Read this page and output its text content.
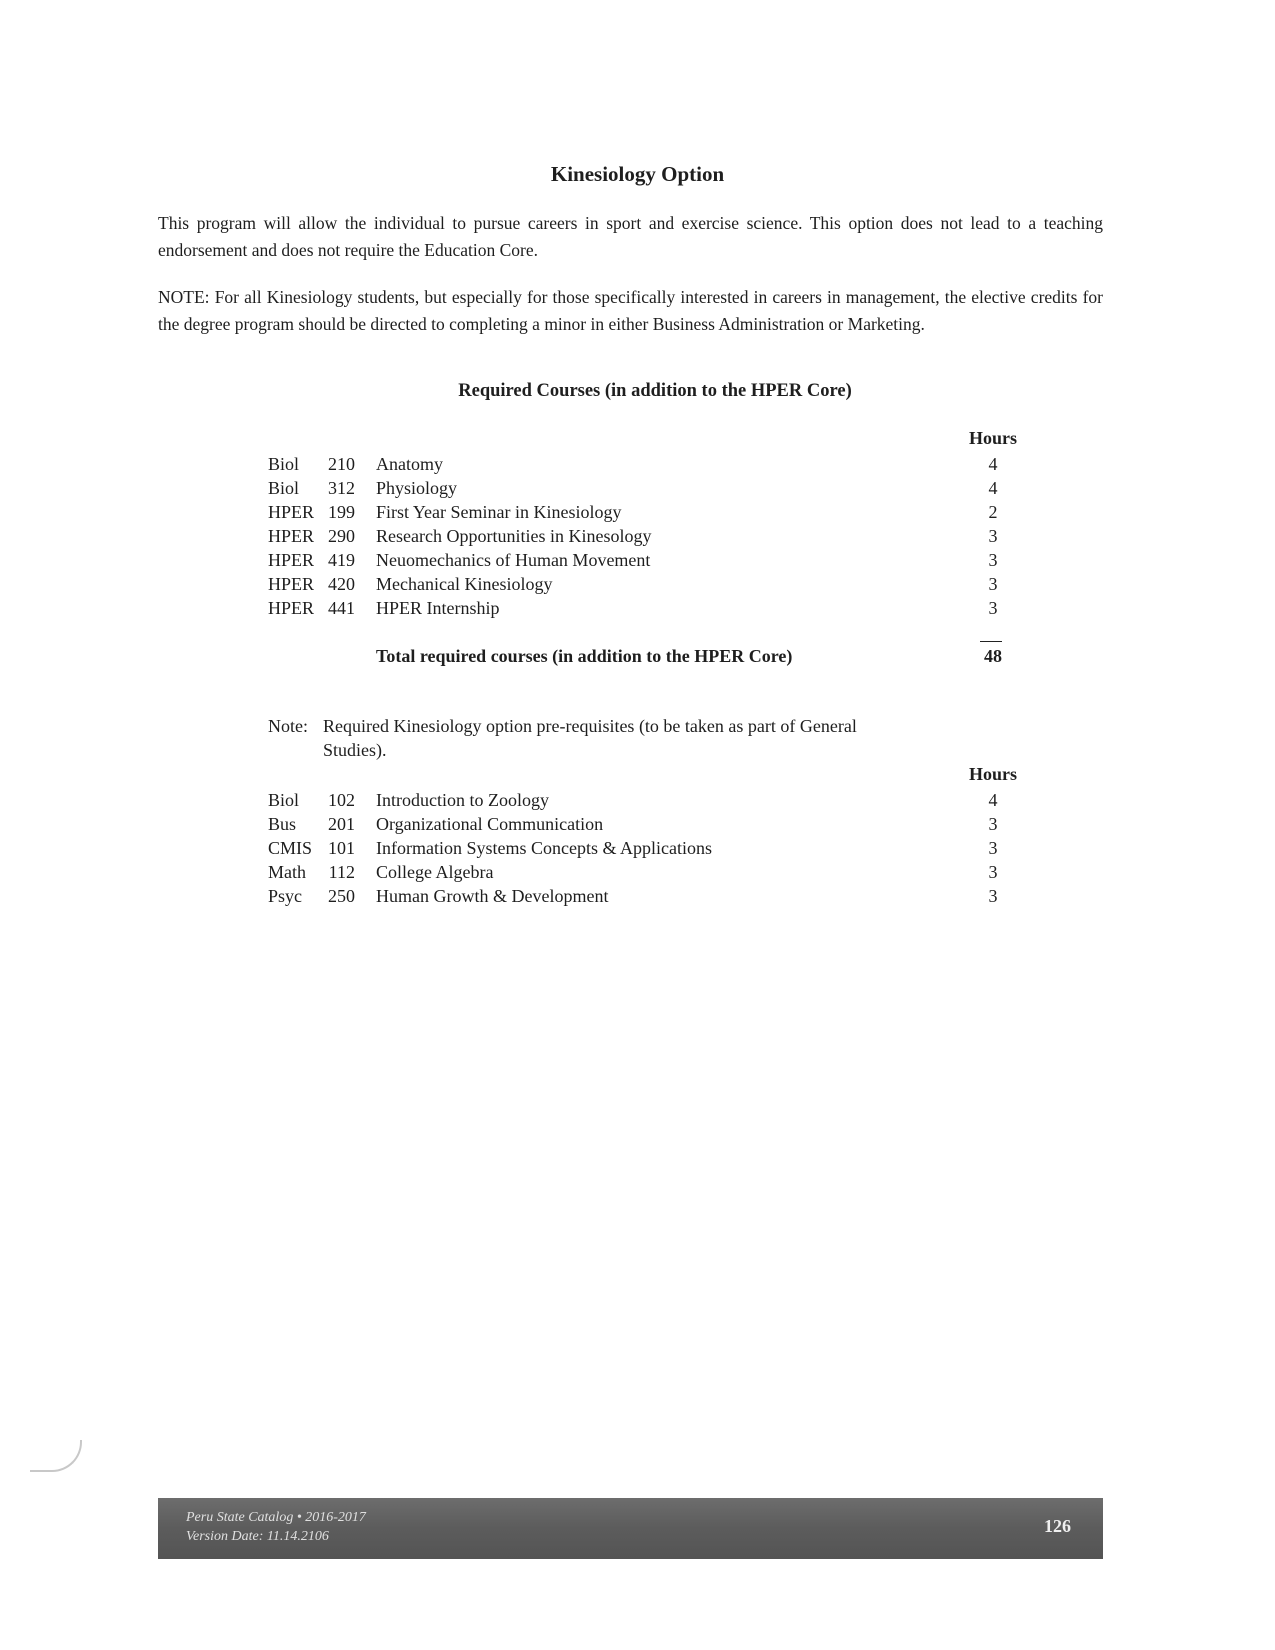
Kinesiology Option
This program will allow the individual to pursue careers in sport and exercise science. This option does not lead to a teaching endorsement and does not require the Education Core.
NOTE: For all Kinesiology students, but especially for those specifically interested in careers in management, the elective credits for the degree program should be directed to completing a minor in either Business Administration or Marketing.
Required Courses (in addition to the HPER Core)
Hours
Biol	210 Anatomy	4
Biol	312 Physiology	4
HPER 199 First Year Seminar in Kinesiology	2
HPER 290 Research Opportunities in Kinesology	3
HPER 419 Neuomechanics of Human Movement	3
HPER 420 Mechanical Kinesiology	3
HPER 441 HPER Internship	3
Total required courses (in addition to the HPER Core)	48
Note: Required Kinesiology option pre-requisites (to be taken as part of General Studies).
Hours
Biol	102 Introduction to Zoology	4
Bus	201 Organizational Communication	3
CMIS 101 Information Systems Concepts & Applications	3
Math	112 College Algebra	3
Psyc	250 Human Growth & Development	3
Peru State Catalog • 2016-2017
Version Date: 11.14.2106
126
